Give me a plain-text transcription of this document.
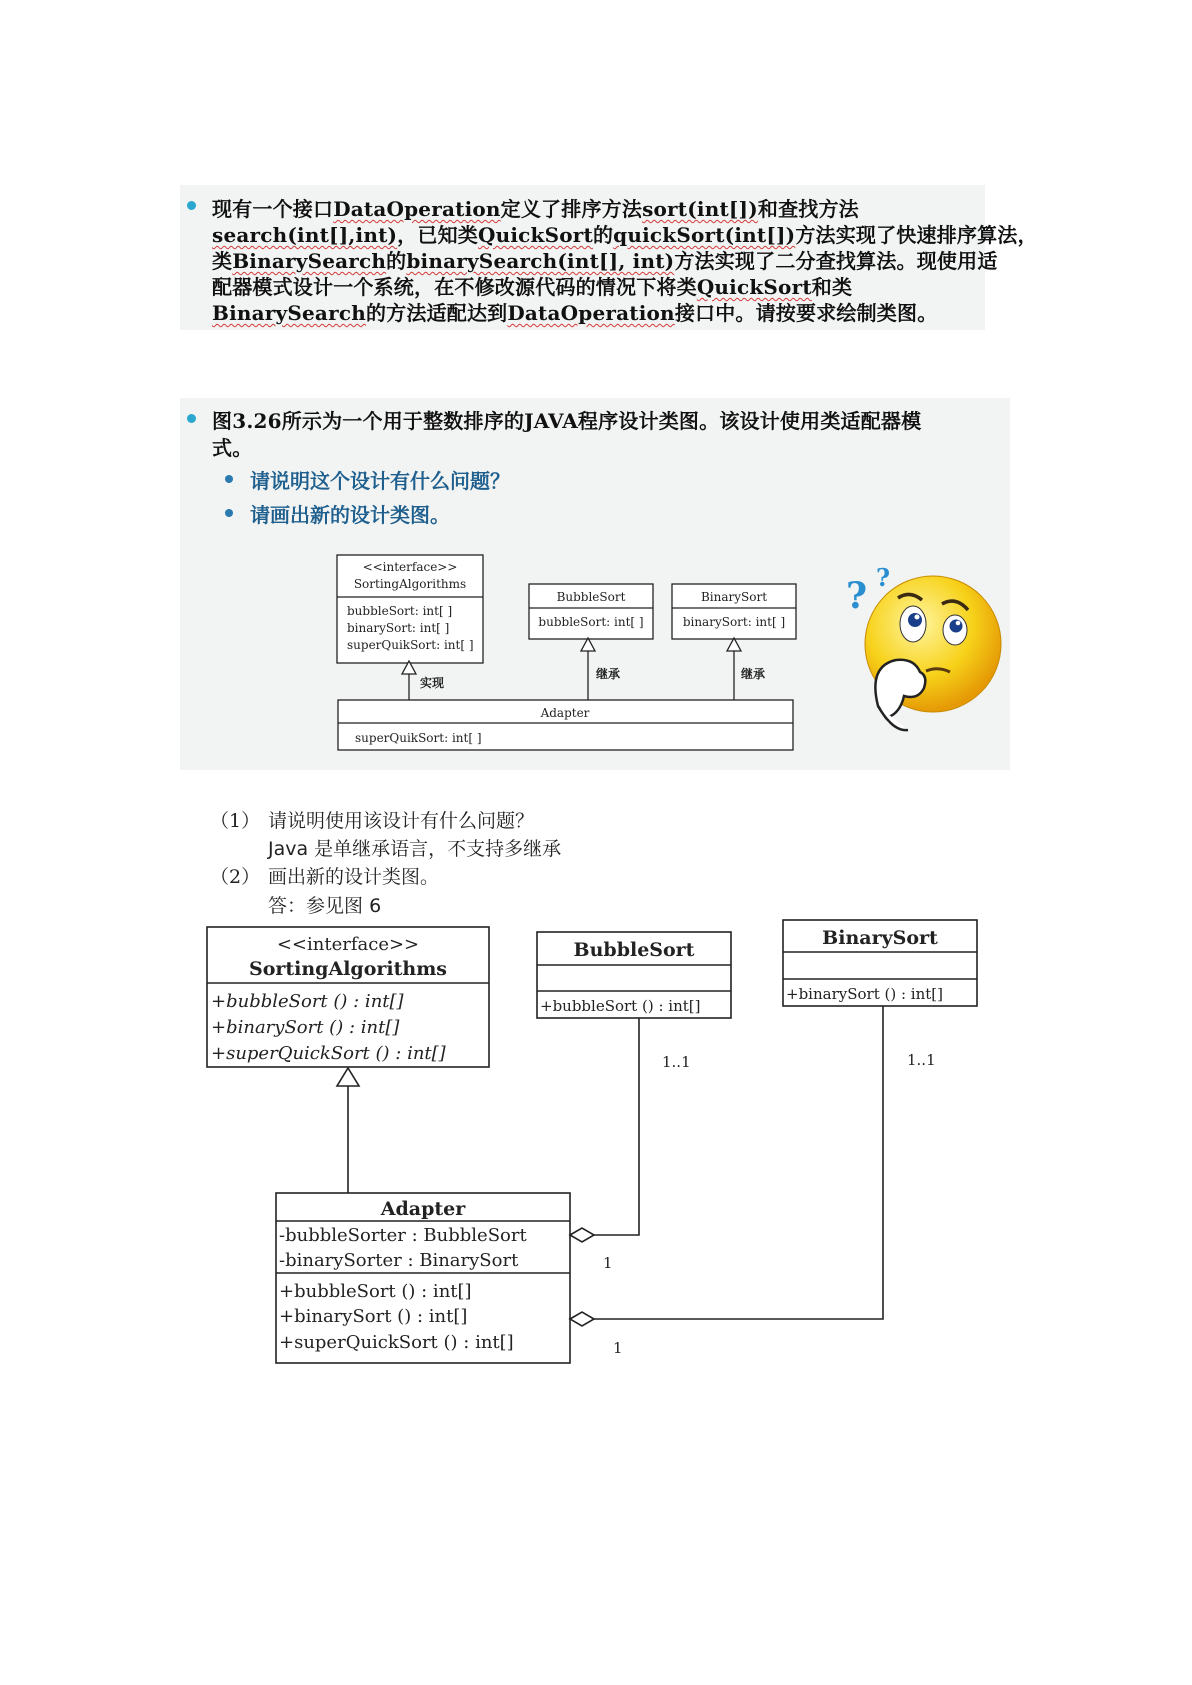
现有一个接口DataOperation定义了排序方法sort(int[])和查找方法
search(int[],int)，已知类QuickSort的quickSort(int[])方法实现了快速排序算法，
类BinarySearch的binarySearch(int[], int)方法实现了二分查找算法。现使用适
配器模式设计一个系统，在不修改源代码的情况下将类QuickSort和类
BinarySearch的方法适配达到DataOperation接口中。请按要求绘制类图。
图3.26所示为一个用于整数排序的JAVA程序设计类图。该设计使用类适配器模
式。
请说明这个设计有什么问题？
请画出新的设计类图。
<<interface>>
SortingAlgorithms
bubbleSort: int[ ]
binarySort: int[ ]
superQuikSort: int[ ]
BubbleSort
bubbleSort: int[ ]
BinarySort
binarySort: int[ ]
Adapter
superQuikSort: int[ ]
实现
继承	继承
? ?
（1） 请说明使用该设计有什么问题？
Java 是单继承语言，不支持多继承
（2） 画出新的设计类图。
答：参见图 6
<<interface>>
SortingAlgorithms
+bubbleSort () : int[]
+binarySort () : int[]
+superQuickSort () : int[]
BubbleSort
+bubbleSort () : int[]
BinarySort
+binarySort () : int[]
Adapter
-bubbleSorter : BubbleSort
-binarySorter : BinarySort
+bubbleSort () : int[]
+binarySort () : int[]
+superQuickSort () : int[]
1..1	1..1
1
1
